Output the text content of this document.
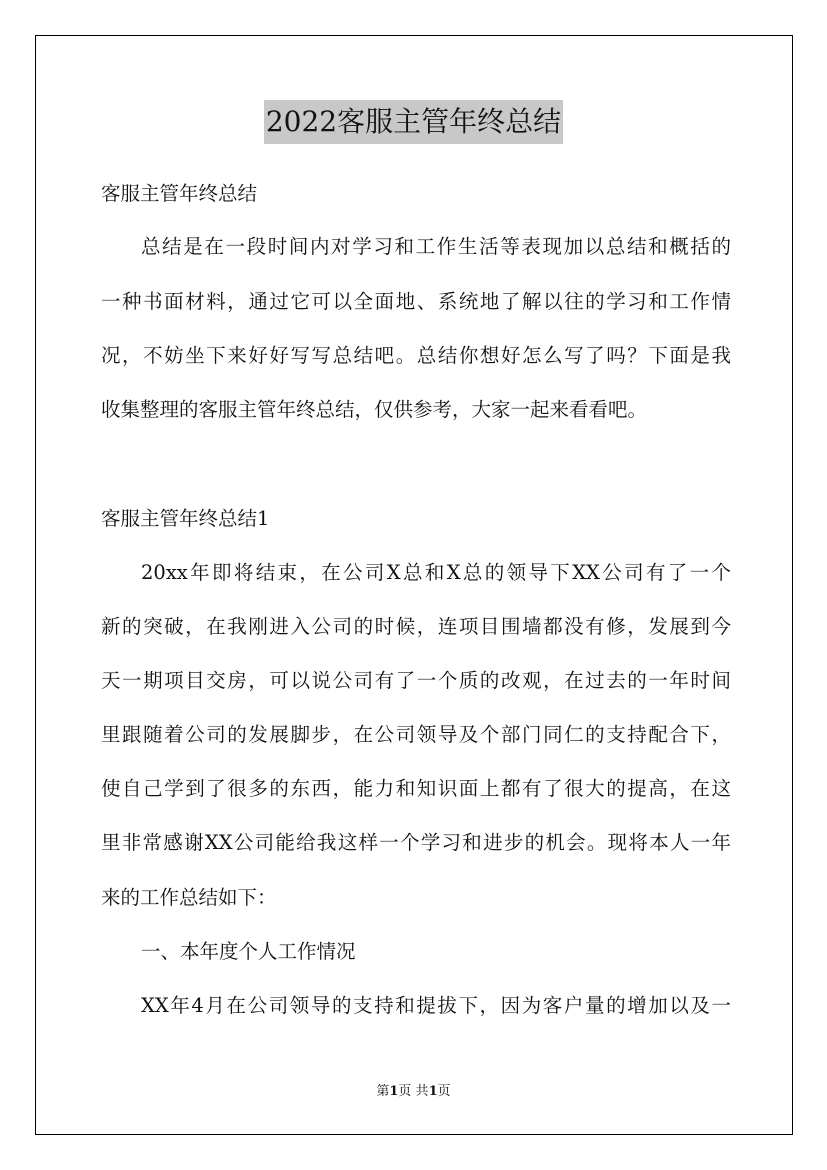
2022客服主管年终总结
客服主管年终总结
总结是在一段时间内对学习和工作生活等表现加以总结和概括的
一种书面材料，通过它可以全面地、系统地了解以往的学习和工作情
况，不妨坐下来好好写写总结吧。总结你想好怎么写了吗？下面是我
收集整理的客服主管年终总结，仅供参考，大家一起来看看吧。
客服主管年终总结1
20xx年即将结束，在公司X总和X总的领导下XX公司有了一个
新的突破，在我刚进入公司的时候，连项目围墙都没有修，发展到今
天一期项目交房，可以说公司有了一个质的改观，在过去的一年时间
里跟随着公司的发展脚步，在公司领导及个部门同仁的支持配合下，
使自己学到了很多的东西，能力和知识面上都有了很大的提高，在这
里非常感谢XX公司能给我这样一个学习和进步的机会。现将本人一年
来的工作总结如下：
一、本年度个人工作情况
XX年4月在公司领导的支持和提拔下，因为客户量的增加以及一
第1页 共1页
